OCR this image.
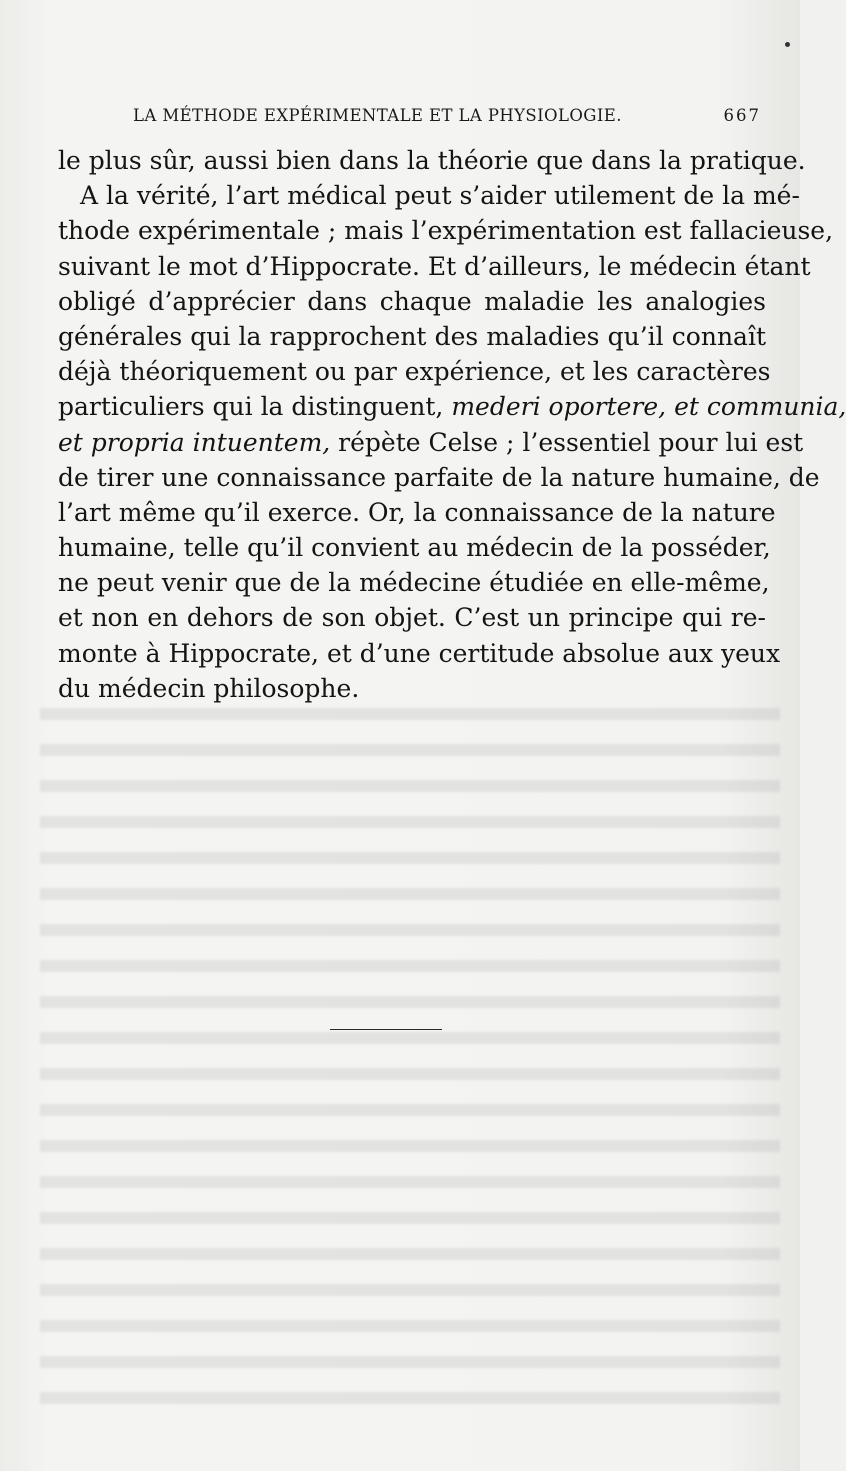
LA MÉTHODE EXPÉRIMENTALE ET LA PHYSIOLOGIE.	667
le plus sûr, aussi bien dans la théorie que dans la pratique.
A la vérité, l’art médical peut s’aider utilement de la mé-
thode expérimentale ; mais l’expérimentation est fallacieuse,
suivant le mot d’Hippocrate. Et d’ailleurs, le médecin étant
obligé d’apprécier dans chaque maladie les analogies
générales qui la rapprochent des maladies qu’il connaît
déjà théoriquement ou par expérience, et les caractères
particuliers qui la distinguent, mederi oportere, et communia,
et propria intuentem, répète Celse ; l’essentiel pour lui est
de tirer une connaissance parfaite de la nature humaine, de
l’art même qu’il exerce. Or, la connaissance de la nature
humaine, telle qu’il convient au médecin de la posséder,
ne peut venir que de la médecine étudiée en elle-même,
et non en dehors de son objet. C’est un principe qui re-
monte à Hippocrate, et d’une certitude absolue aux yeux
du médecin philosophe.
